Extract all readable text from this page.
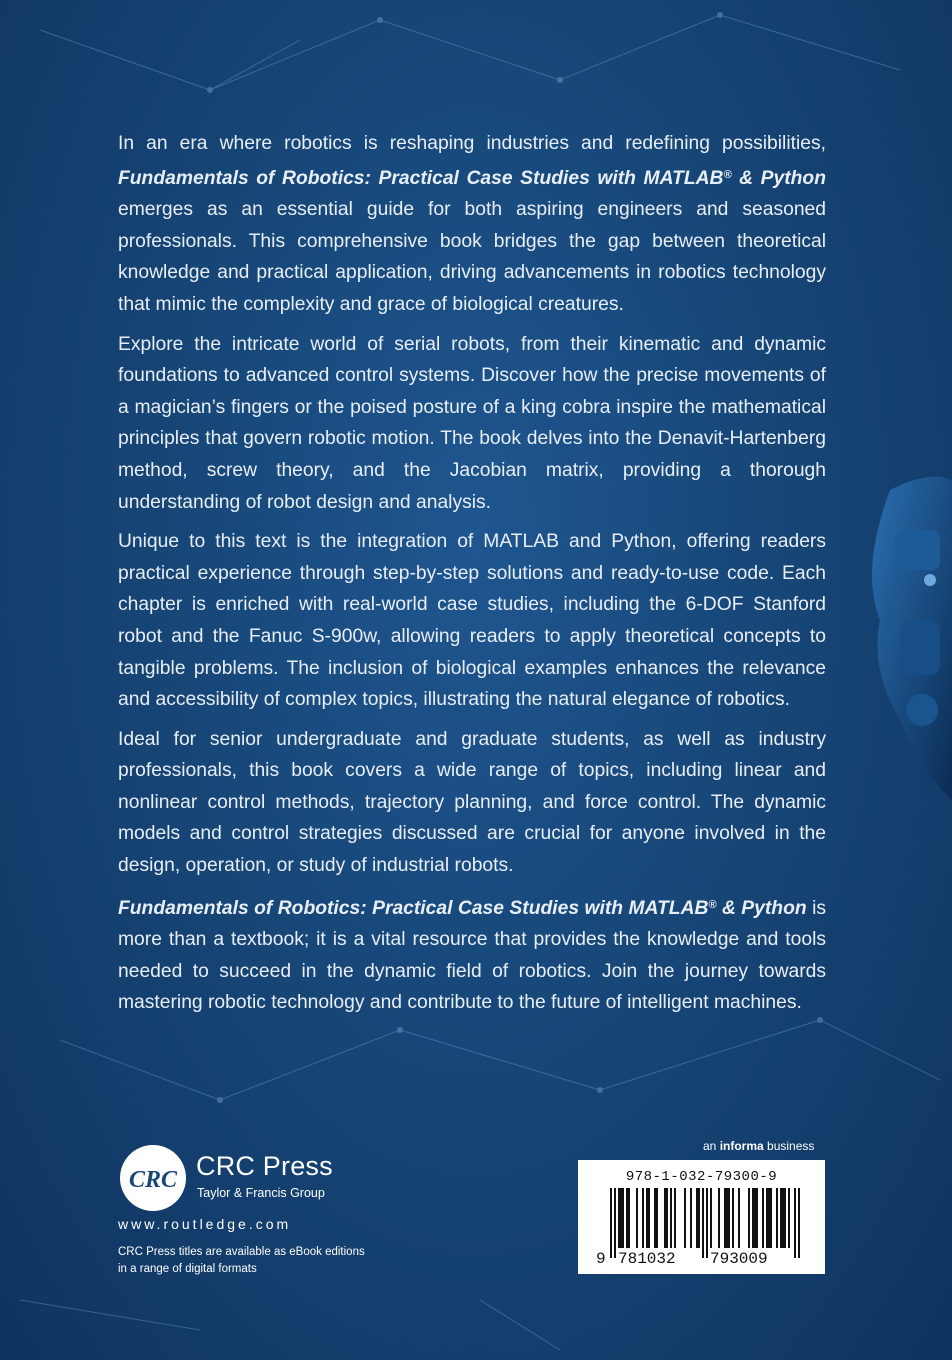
In an era where robotics is reshaping industries and redefining possibilities, Fundamentals of Robotics: Practical Case Studies with MATLAB® & Python emerges as an essential guide for both aspiring engineers and seasoned professionals. This comprehensive book bridges the gap between theoretical knowledge and practical application, driving advancements in robotics technology that mimic the complexity and grace of biological creatures.

Explore the intricate world of serial robots, from their kinematic and dynamic foundations to advanced control systems. Discover how the precise movements of a magician’s fingers or the poised posture of a king cobra inspire the mathematical principles that govern robotic motion. The book delves into the Denavit-Hartenberg method, screw theory, and the Jacobian matrix, providing a thorough understanding of robot design and analysis.

Unique to this text is the integration of MATLAB and Python, offering readers practical experience through step-by-step solutions and ready-to-use code. Each chapter is enriched with real-world case studies, including the 6-DOF Stanford robot and the Fanuc S-900w, allowing readers to apply theoretical concepts to tangible problems. The inclusion of biological examples enhances the relevance and accessibility of complex topics, illustrating the natural elegance of robotics.

Ideal for senior undergraduate and graduate students, as well as industry professionals, this book covers a wide range of topics, including linear and nonlinear control methods, trajectory planning, and force control. The dynamic models and control strategies discussed are crucial for anyone involved in the design, operation, or study of industrial robots.

Fundamentals of Robotics: Practical Case Studies with MATLAB® & Python is more than a textbook; it is a vital resource that provides the knowledge and tools needed to succeed in the dynamic field of robotics. Join the journey towards mastering robotic technology and contribute to the future of intelligent machines.

CRC CRC Press
Taylor & Francis Group
www.routledge.com
CRC Press titles are available as eBook editions
in a range of digital formats
an informa business
978-1-032-79300-9
9 781032 793009
